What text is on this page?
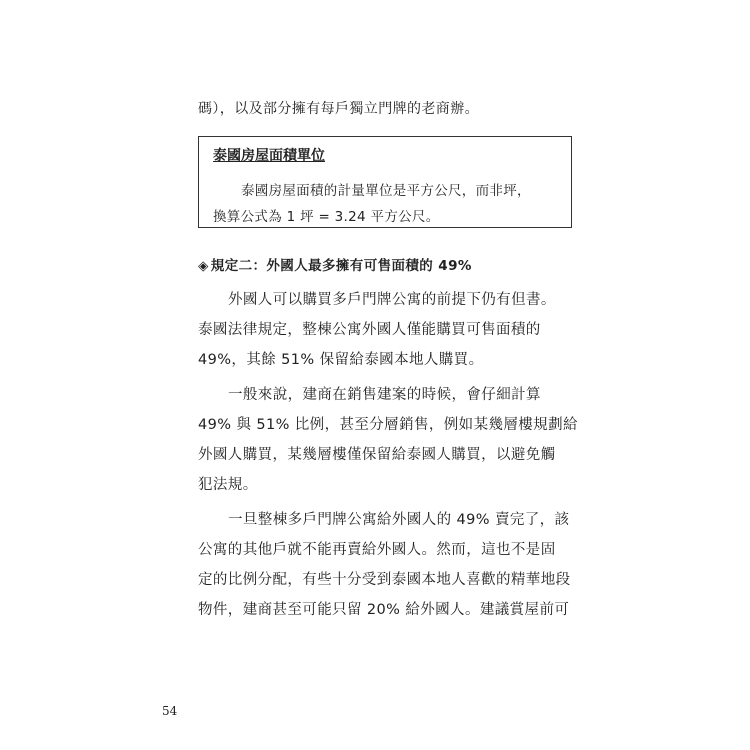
碼），以及部分擁有每戶獨立門牌的老商辦。
泰國房屋面積單位
泰國房屋面積的計量單位是平方公尺，而非坪，
換算公式為 1 坪 = 3.24 平方公尺。
◈ 規定二：外國人最多擁有可售面積的 49%
外國人可以購買多戶門牌公寓的前提下仍有但書。
泰國法律規定，整棟公寓外國人僅能購買可售面積的
49%，其餘 51% 保留給泰國本地人購買。
一般來說，建商在銷售建案的時候，會仔細計算
49% 與 51% 比例，甚至分層銷售，例如某幾層樓規劃給
外國人購買，某幾層樓僅保留給泰國人購買，以避免觸
犯法規。
一旦整棟多戶門牌公寓給外國人的 49% 賣完了，該
公寓的其他戶就不能再賣給外國人。然而，這也不是固
定的比例分配，有些十分受到泰國本地人喜歡的精華地段
物件，建商甚至可能只留 20% 給外國人。建議賞屋前可
54
